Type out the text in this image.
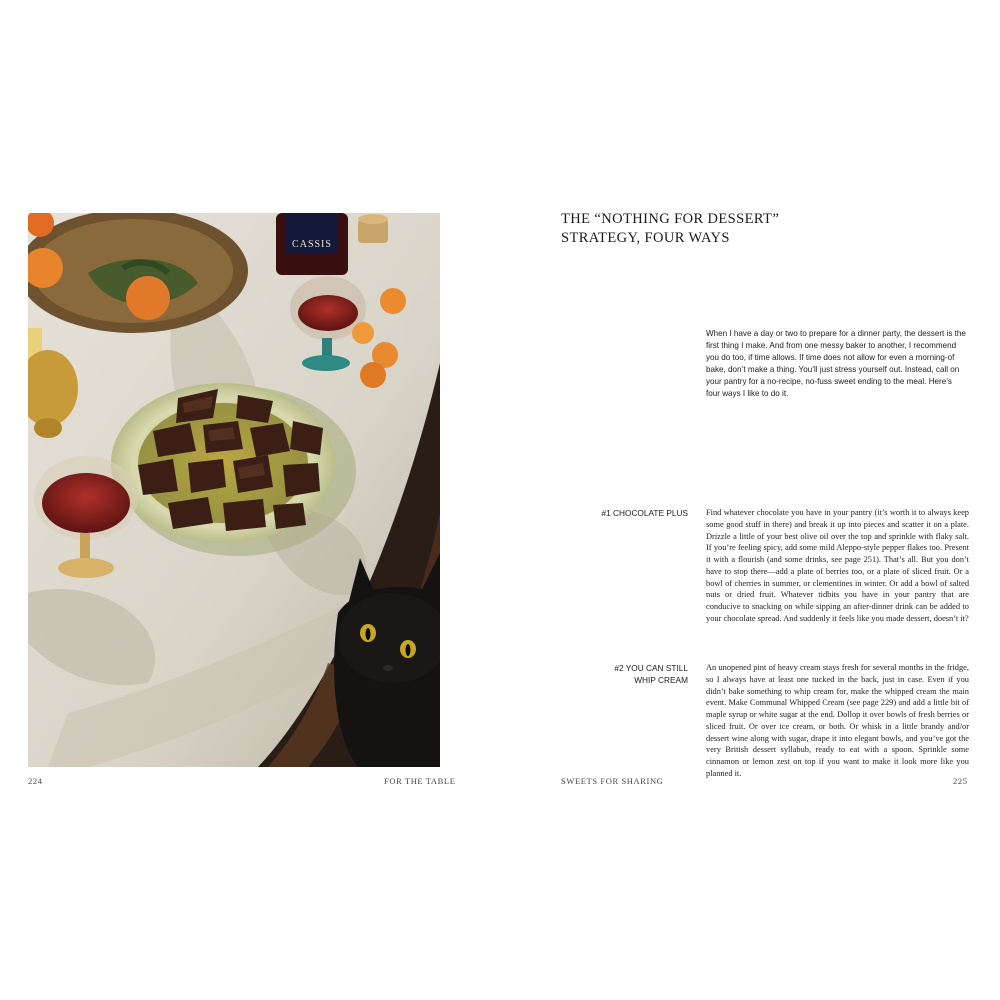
CASSIS
224	FOR THE TABLE
THE “NOTHING FOR DESSERT” STRATEGY, FOUR WAYS

When I have a day or two to prepare for a dinner party, the dessert is the first thing I make. And from one messy baker to another, I recommend you do too, if time allows. If time does not allow for even a morning-of bake, don’t make a thing. You’ll just stress yourself out. Instead, call on your pantry for a no-recipe, no-fuss sweet ending to the meal. Here’s four ways I like to do it.

#1 CHOCOLATE PLUS Find whatever chocolate you have in your pantry (it’s worth it to always keep some good stuff in there) and break it up into pieces and scatter it on a plate. Drizzle a little of your best olive oil over the top and sprinkle with flaky salt. If you’re feeling spicy, add some mild Aleppo-style pepper flakes too. Present it with a flourish (and some drinks, see page 251). That’s all. But you don’t have to stop there—add a plate of berries too, or a plate of sliced fruit. Or a bowl of cherries in summer, or clementines in winter. Or add a bowl of salted nuts or dried fruit. Whatever tidbits you have in your pantry that are conducive to snacking on while sipping an after-dinner drink can be added to your chocolate spread. And suddenly it feels like you made dessert, doesn’t it?

#2 YOU CAN STILL WHIP CREAM

An unopened pint of heavy cream stays fresh for several months in the fridge, so I always have at least one tucked in the back, just in case. Even if you didn’t bake something to whip cream for, make the whipped cream the main event. Make Communal Whipped Cream (see page 229) and add a little bit of maple syrup or white sugar at the end. Dollop it over bowls of fresh berries or sliced fruit. Or over ice cream, or both. Or whisk in a little brandy and/or dessert wine along with sugar, drape it into elegant bowls, and you’ve got the very British dessert syllabub, ready to eat with a spoon. Sprinkle some cinnamon or lemon zest on top if you want to make it look more like you planned it.

SWEETS FOR SHARING	225
